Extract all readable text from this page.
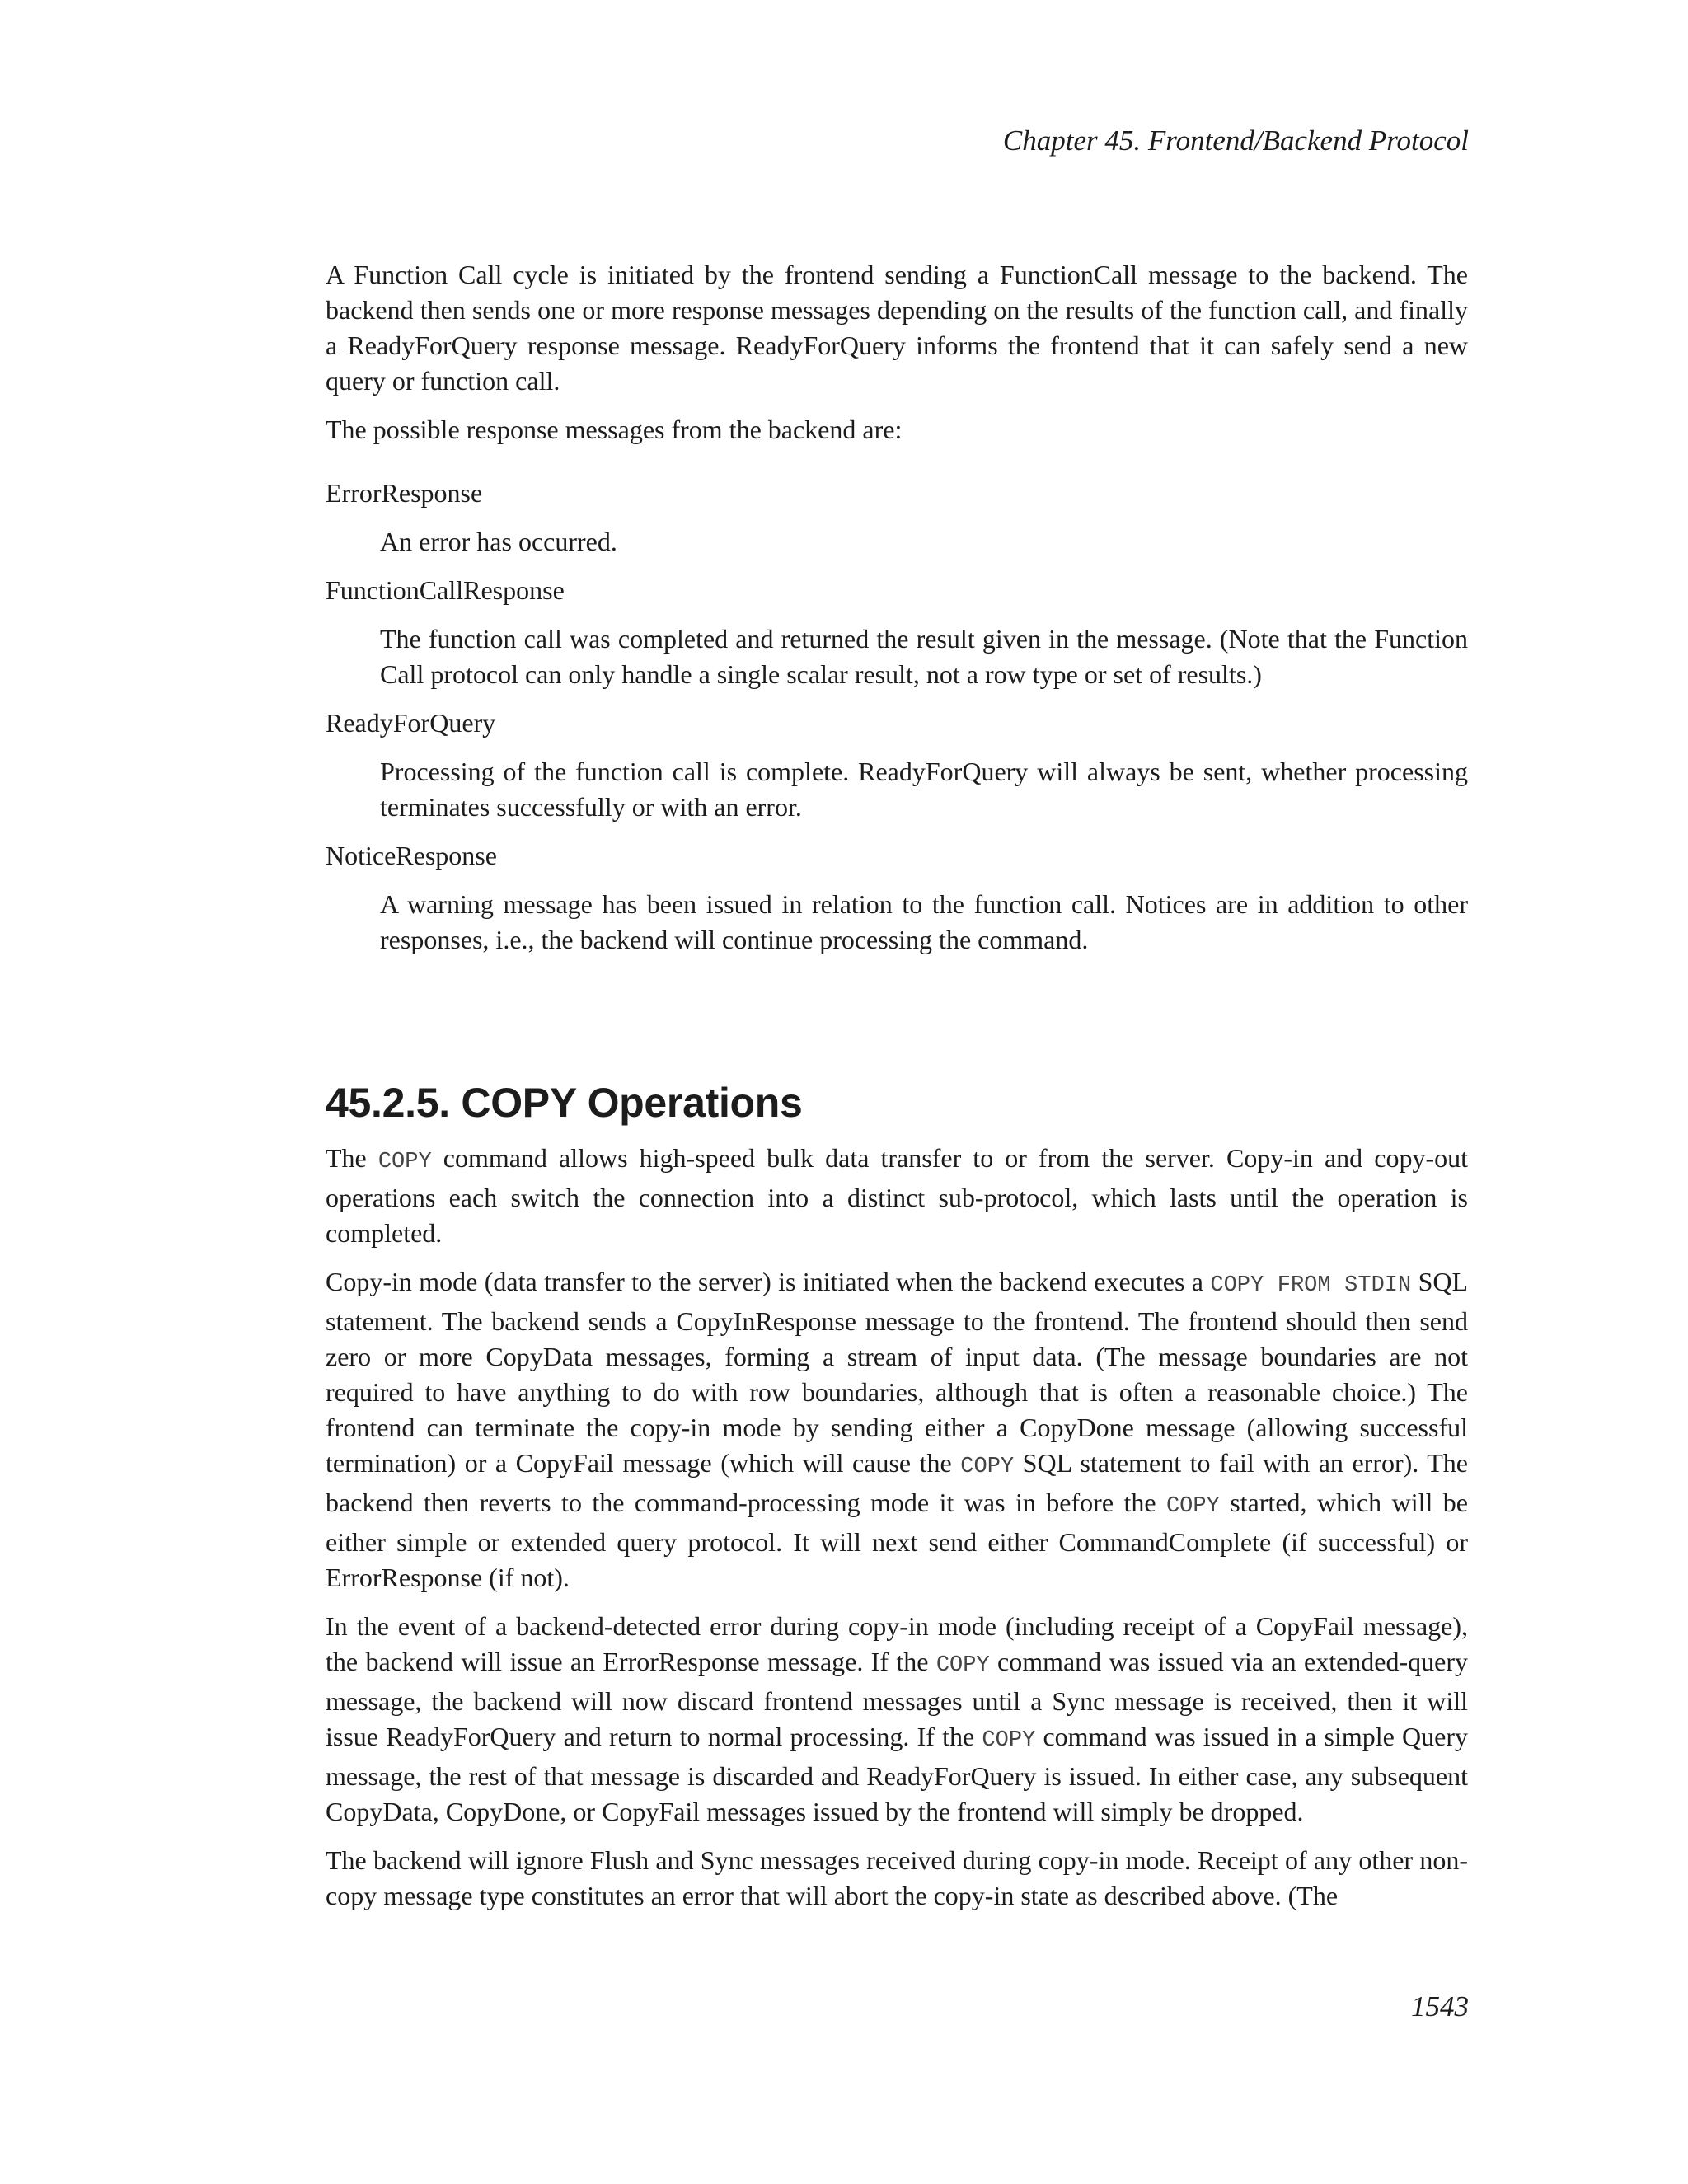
Chapter 45. Frontend/Backend Protocol

A Function Call cycle is initiated by the frontend sending a FunctionCall message to the backend. The backend then sends one or more response messages depending on the results of the function call, and finally a ReadyForQuery response message. ReadyForQuery informs the frontend that it can safely send a new query or function call.

The possible response messages from the backend are:

ErrorResponse
An error has occurred.
FunctionCallResponse
The function call was completed and returned the result given in the message. (Note that the Function Call protocol can only handle a single scalar result, not a row type or set of results.)
ReadyForQuery
Processing of the function call is complete. ReadyForQuery will always be sent, whether processing terminates successfully or with an error.
NoticeResponse
A warning message has been issued in relation to the function call. Notices are in addition to other responses, i.e., the backend will continue processing the command.
45.2.5. COPY Operations

The COPY command allows high-speed bulk data transfer to or from the server. Copy-in and copy-out operations each switch the connection into a distinct sub-protocol, which lasts until the operation is completed.

Copy-in mode (data transfer to the server) is initiated when the backend executes a COPY FROM STDIN SQL statement. The backend sends a CopyInResponse message to the frontend. The frontend should then send zero or more CopyData messages, forming a stream of input data. (The message boundaries are not required to have anything to do with row boundaries, although that is often a reasonable choice.) The frontend can terminate the copy-in mode by sending either a CopyDone message (allowing successful termination) or a CopyFail message (which will cause the COPY SQL statement to fail with an error). The backend then reverts to the command-processing mode it was in before the COPY started, which will be either simple or extended query protocol. It will next send either CommandComplete (if successful) or ErrorResponse (if not).

In the event of a backend-detected error during copy-in mode (including receipt of a CopyFail message), the backend will issue an ErrorResponse message. If the COPY command was issued via an extended-query message, the backend will now discard frontend messages until a Sync message is received, then it will issue ReadyForQuery and return to normal processing. If the COPY command was issued in a simple Query message, the rest of that message is discarded and ReadyForQuery is issued. In either case, any subsequent CopyData, CopyDone, or CopyFail messages issued by the frontend will simply be dropped.

The backend will ignore Flush and Sync messages received during copy-in mode. Receipt of any other non-copy message type constitutes an error that will abort the copy-in state as described above. (The

1543
